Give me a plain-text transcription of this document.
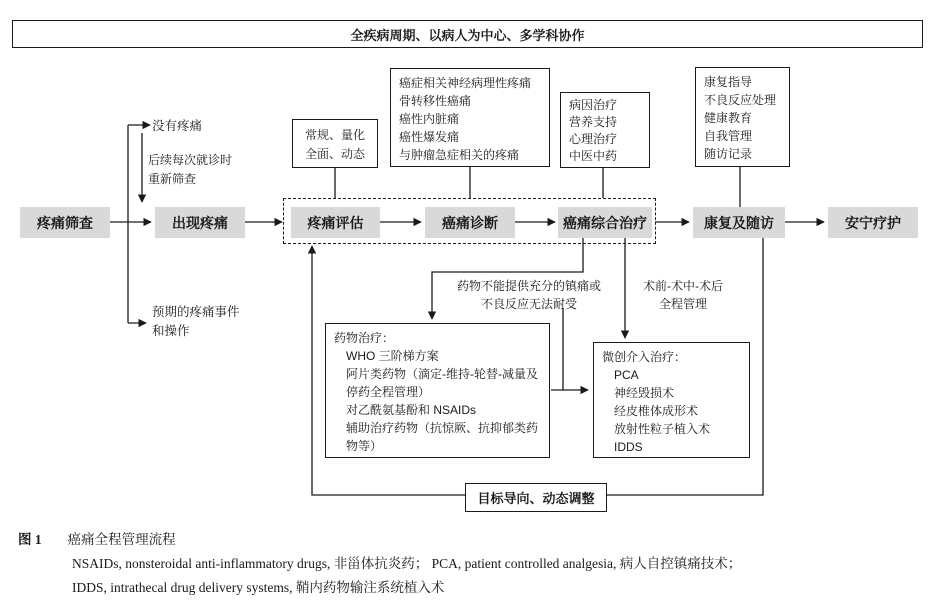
全疾病周期、以病人为中心、多学科协作
疼痛筛查	出现疼痛	疼痛评估	癌痛诊断	癌痛综合治疗	康复及随访	安宁疗护
常规、量化
全面、动态
癌症相关神经病理性疼痛
骨转移性癌痛
癌性内脏痛
癌性爆发痛
与肿瘤急症相关的疼痛
病因治疗
营养支持
心理治疗
中医中药
康复指导
不良反应处理
健康教育
自我管理
随访记录
没有疼痛
后续每次就诊时
重新筛查
预期的疼痛事件
和操作
药物不能提供充分的镇痛或
不良反应无法耐受
术前-术中-术后
全程管理
药物治疗：
WHO 三阶梯方案
阿片类药物（滴定-维持-轮替-减量及
停药全程管理）
对乙酰氨基酚和 NSAIDs
辅助治疗药物（抗惊厥、抗抑郁类药
物等）
微创介入治疗：
PCA
神经毁损术
经皮椎体成形术
放射性粒子植入术
IDDS
目标导向、动态调整
图 1 癌痛全程管理流程
NSAIDs, nonsteroidal anti-inflammatory drugs, 非甾体抗炎药； PCA, patient controlled analgesia, 病人自控镇痛技术；
IDDS, intrathecal drug delivery systems, 鞘内药物输注系统植入术
